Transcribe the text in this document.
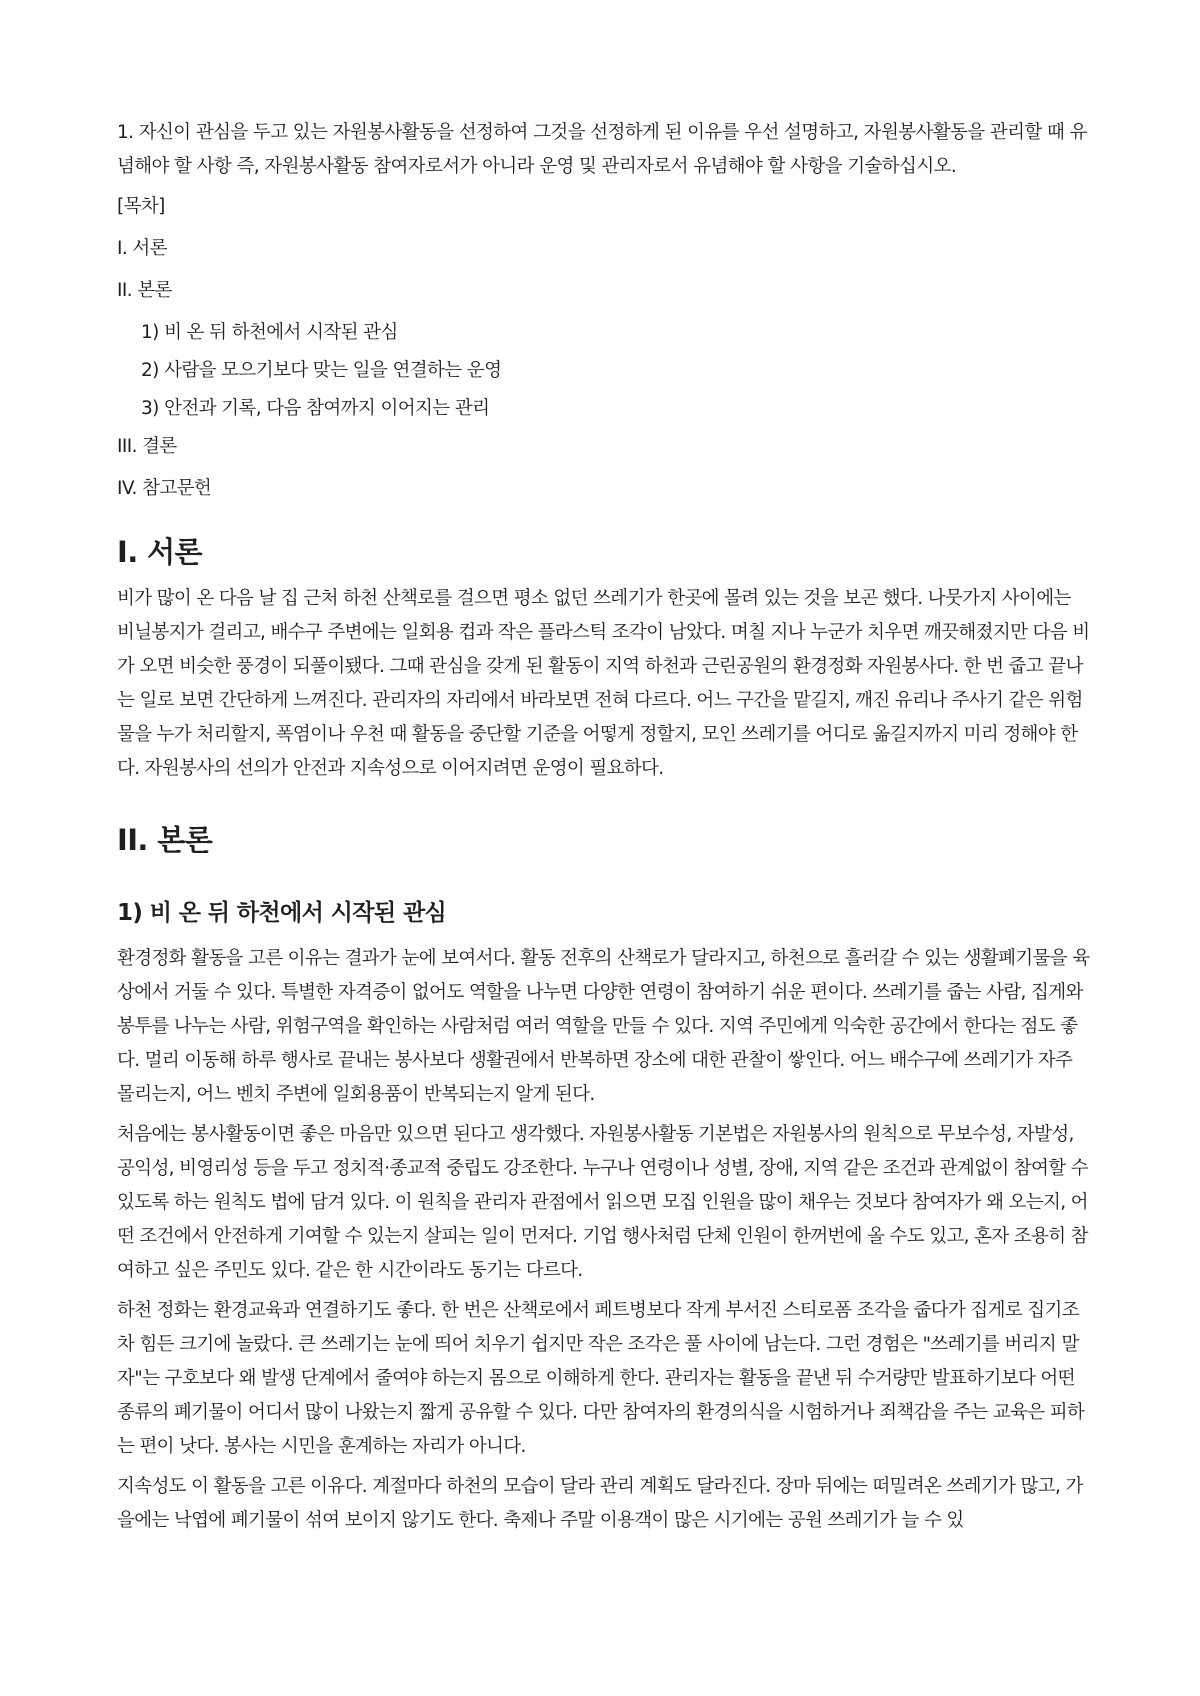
1. 자신이 관심을 두고 있는 자원봉사활동을 선정하여 그것을 선정하게 된 이유를 우선 설명하고, 자원봉사활동을 관리할 때 유념해야 할 사항 즉, 자원봉사활동 참여자로서가 아니라 운영 및 관리자로서 유념해야 할 사항을 기술하십시오.

[목차]
I. 서론
II. 본론
1) 비 온 뒤 하천에서 시작된 관심
2) 사람을 모으기보다 맞는 일을 연결하는 운영
3) 안전과 기록, 다음 참여까지 이어지는 관리
III. 결론
IV. 참고문헌
I. 서론

비가 많이 온 다음 날 집 근처 하천 산책로를 걸으면 평소 없던 쓰레기가 한곳에 몰려 있는 것을 보곤 했다. 나뭇가지 사이에는 비닐봉지가 걸리고, 배수구 주변에는 일회용 컵과 작은 플라스틱 조각이 남았다. 며칠 지나 누군가 치우면 깨끗해졌지만 다음 비가 오면 비슷한 풍경이 되풀이됐다. 그때 관심을 갖게 된 활동이 지역 하천과 근린공원의 환경정화 자원봉사다. 한 번 줍고 끝나는 일로 보면 간단하게 느껴진다. 관리자의 자리에서 바라보면 전혀 다르다. 어느 구간을 맡길지, 깨진 유리나 주사기 같은 위험물을 누가 처리할지, 폭염이나 우천 때 활동을 중단할 기준을 어떻게 정할지, 모인 쓰레기를 어디로 옮길지까지 미리 정해야 한다. 자원봉사의 선의가 안전과 지속성으로 이어지려면 운영이 필요하다.

II. 본론
1) 비 온 뒤 하천에서 시작된 관심

환경정화 활동을 고른 이유는 결과가 눈에 보여서다. 활동 전후의 산책로가 달라지고, 하천으로 흘러갈 수 있는 생활폐기물을 육상에서 거둘 수 있다. 특별한 자격증이 없어도 역할을 나누면 다양한 연령이 참여하기 쉬운 편이다. 쓰레기를 줍는 사람, 집게와 봉투를 나누는 사람, 위험구역을 확인하는 사람처럼 여러 역할을 만들 수 있다. 지역 주민에게 익숙한 공간에서 한다는 점도 좋다. 멀리 이동해 하루 행사로 끝내는 봉사보다 생활권에서 반복하면 장소에 대한 관찰이 쌓인다. 어느 배수구에 쓰레기가 자주 몰리는지, 어느 벤치 주변에 일회용품이 반복되는지 알게 된다.

처음에는 봉사활동이면 좋은 마음만 있으면 된다고 생각했다. 자원봉사활동 기본법은 자원봉사의 원칙으로 무보수성, 자발성, 공익성, 비영리성 등을 두고 정치적·종교적 중립도 강조한다. 누구나 연령이나 성별, 장애, 지역 같은 조건과 관계없이 참여할 수 있도록 하는 원칙도 법에 담겨 있다. 이 원칙을 관리자 관점에서 읽으면 모집 인원을 많이 채우는 것보다 참여자가 왜 오는지, 어떤 조건에서 안전하게 기여할 수 있는지 살피는 일이 먼저다. 기업 행사처럼 단체 인원이 한꺼번에 올 수도 있고, 혼자 조용히 참여하고 싶은 주민도 있다. 같은 한 시간이라도 동기는 다르다.

하천 정화는 환경교육과 연결하기도 좋다. 한 번은 산책로에서 페트병보다 작게 부서진 스티로폼 조각을 줍다가 집게로 집기조차 힘든 크기에 놀랐다. 큰 쓰레기는 눈에 띄어 치우기 쉽지만 작은 조각은 풀 사이에 남는다. 그런 경험은 "쓰레기를 버리지 말자"는 구호보다 왜 발생 단계에서 줄여야 하는지 몸으로 이해하게 한다. 관리자는 활동을 끝낸 뒤 수거량만 발표하기보다 어떤 종류의 폐기물이 어디서 많이 나왔는지 짧게 공유할 수 있다. 다만 참여자의 환경의식을 시험하거나 죄책감을 주는 교육은 피하는 편이 낫다. 봉사는 시민을 훈계하는 자리가 아니다.

지속성도 이 활동을 고른 이유다. 계절마다 하천의 모습이 달라 관리 계획도 달라진다. 장마 뒤에는 떠밀려온 쓰레기가 많고, 가을에는 낙엽에 폐기물이 섞여 보이지 않기도 한다. 축제나 주말 이용객이 많은 시기에는 공원 쓰레기가 늘 수 있
